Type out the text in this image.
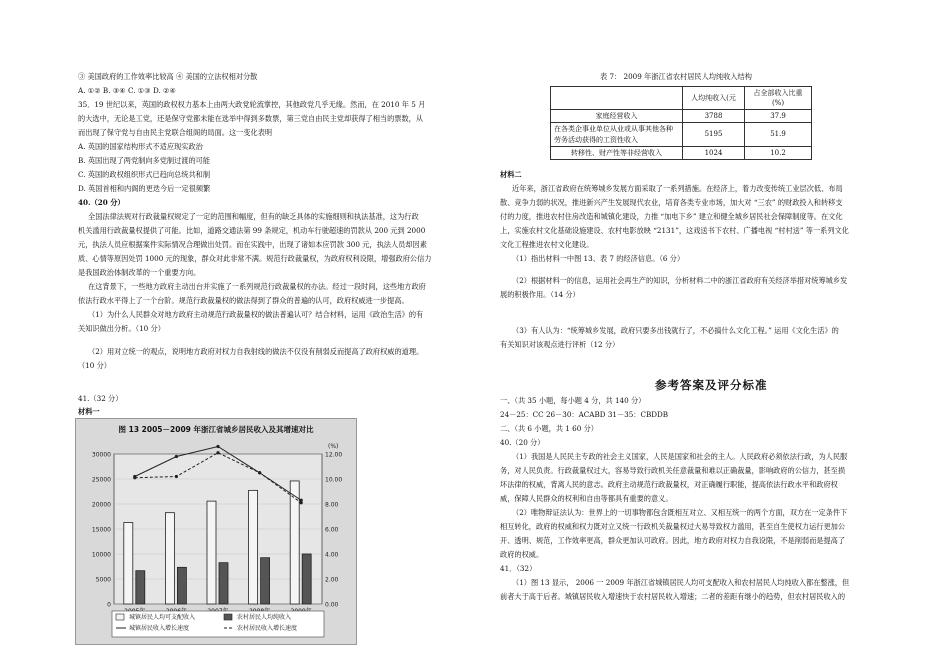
③ 美国政府的工作效率比较高 ④ 美国的立法权相对分散

A. ①② B. ③④ C. ①③ D. ②④

35．19 世纪以来，英国的政权权力基本上由两大政党轮流掌控，其他政党几乎无缘。然而，在 2010 年 5 月

的大选中，无论是工党，还是保守党都未能在选举中得到多数票，第三党自由民主党却获得了相当的票数，从

而出现了保守党与自由民主党联合组阁的局面。这一变化表明

A. 英国的国家结构形式不适应现实政治

B. 英国出现了两党制向多党制过渡的可能

C. 英国的政权组织形式已趋向总统共和制

D. 英国首相和内阁的更迭今后一定很频繁

40.（20 分）

全国法律法规对行政裁量权规定了一定的范围和幅度，但有的缺乏具体的实施细则和执法基准，这为行政

机关滥用行政裁量权提供了可能。比如，道路交通法第 99 条规定，机动车行驶超速的罚款从 200 元到 2000

元，执法人员应根据案件实际情况合理做出处罚。而在实践中，出现了诸如本应罚款 300 元，执法人员却因素

质、心情等原因处罚 1000 元的现象，群众对此非常不满。规范行政裁量权，为政府权利设限，增强政府公信力

是我国政治体制改革的一个重要方向。

在这背景下，一些地方政府主动出台并实施了一系列规范行政裁量权的办法。经过一段时间，这些地方政府

依法行政水平得上了一个台阶。规范行政裁量权的做法得到了群众的普遍的认可，政府权威进一步提高。

（1）为什么人民群众对地方政府主动规范行政裁量权的做法普遍认可？结合材料，运用《政治生活》的有

关知识做出分析。（10 分）

（2）用对立统一的观点，说明地方政府对权力自我射线的做法不仅没有削弱反而提高了政府权威的道理。

（10 分）

41.（32 分）

材料一

图 13 2005－2009 年浙江省城乡居民收入及其增速对比
30000
25000
20000
15000
10000
5000
0
12.00
10.00
8.00
6.00
4.00
2.00
0.00
(%)
城镇居民人均可支配收入	农村居民人均纯收入
城镇居民收入增长速度	农村居民收入增长速度

表 7： 2009 年浙江省农村居民人均纯收入结构

	人均纯收入(元	占全部收入比重(%)
家庭经营收入	3788	37.9
在各类企事业单位从业或从事其他各种劳务活动获得的工资性收入	5195	51.9
转移性、财产性等非经营收入	1024	10.2

材料二

近年来，浙江省政府在统筹城乡发展方面采取了一系列措施。在经济上，着力改变传统工业层次低、布局

散、竞争力弱的状况，推进新兴产生发展现代农业，培育各类专业市场，加大对 “三农” 的财政投入和转移支

付的力度，推进农村住房改造和城镇化建设，力推 “加电下乡” 建立和健全城乡居民社会保障制度等。在文化

上，实施农村文化基础设施建设、农村电影放映 “2131”，这戏送书下农村、广播电视 “村村送” 等一系列文化

文化工程推进农村文化建设。

（1）指出材料一中图 13、表 7 的经济信息。（6 分）

（2）根据材料一的信息，运用社会再生产的知识，分析材料二中的浙江省政府有关经济举措对统筹城乡发

展的积极作用。（14 分）

（3）有人认为：“统筹城乡发展，政府只要多出钱就行了，不必搞什么文化工程。” 运用《文化生活》的

有关知识对该观点进行评析（12 分）

参考答案及评分标准

一、（共 35 小题，每小题 4 分，共 140 分）

24－25：CC 26－30：ACABD 31－35：CBDDB

二、（共 6 小题，共 1 60 分）

40.（20 分）

（1）我国是人民民主专政的社会主义国家，人民是国家和社会的主人。人民政府必须依法行政，为人民服

务，对人民负责。行政裁量权过大，容易导致行政机关任意裁量和难以正确裁量，影响政府的公信力，甚至损

坏法律的权威，背离人民的意志。政府主动规范行政裁量权，对正确履行职能，提高依法行政水平和政府权

威，保障人民群众的权利和自由等都具有重要的意义。

（2）唯物辩证法认为：世界上的一切事物都包含既相互对立、又相互统一的两个方面，双方在一定条件下

相互转化，政府的权威和权力既对立又统一行政机关裁量权过大易导致权力滥用，甚至自生使权力运行更加公

开、透明、规范，工作效率更高，群众更加认可政府。因此，地方政府对权力自我设限，不是削弱而是提高了

政府的权威。

41．（32）

（1）图 13 显示， 2006 一 2009 年浙江省城镇居民人均可支配收入和农村居民人均纯收入都在整涨，但

前者大于高于后者。城镇居民收入增速快于农村居民收入增速；二者的差距有继小的趋势，但农村居民收入的
